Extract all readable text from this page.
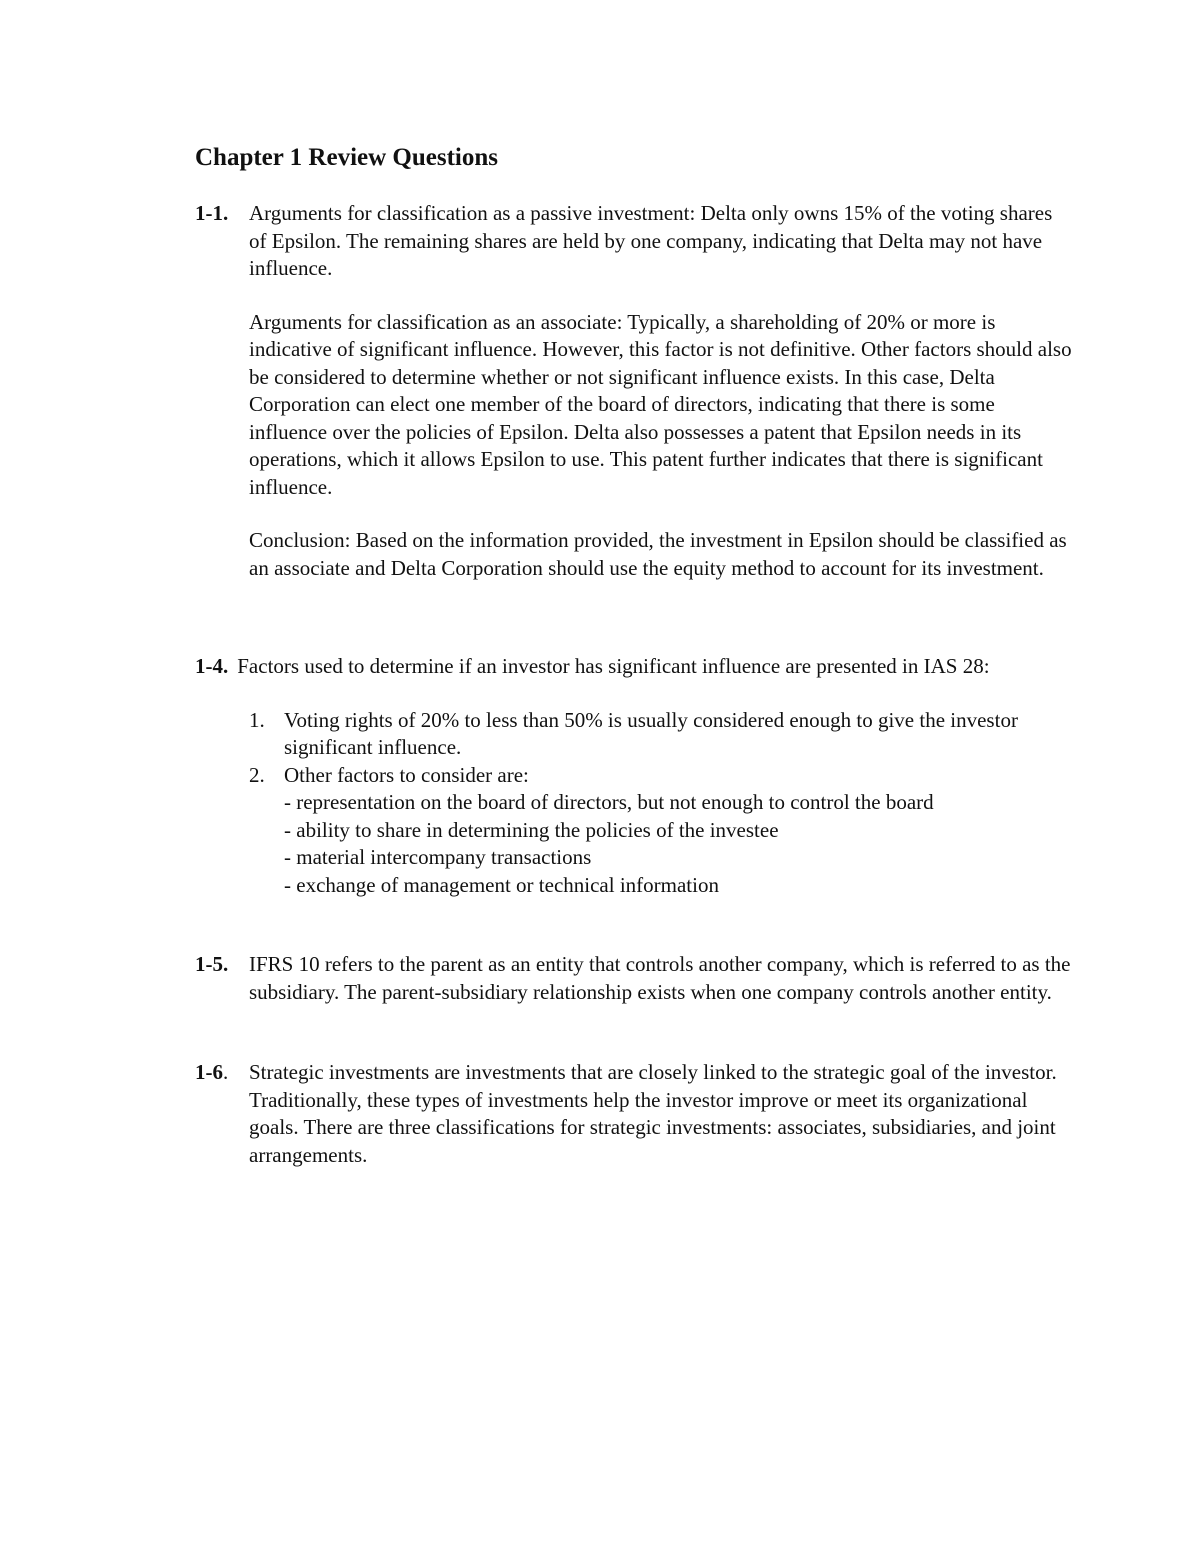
Chapter 1 Review Questions
1-1. Arguments for classification as a passive investment: Delta only owns 15% of the voting shares of Epsilon. The remaining shares are held by one company, indicating that Delta may not have influence.

Arguments for classification as an associate: Typically, a shareholding of 20% or more is indicative of significant influence. However, this factor is not definitive. Other factors should also be considered to determine whether or not significant influence exists. In this case, Delta Corporation can elect one member of the board of directors, indicating that there is some influence over the policies of Epsilon. Delta also possesses a patent that Epsilon needs in its operations, which it allows Epsilon to use. This patent further indicates that there is significant influence.

Conclusion: Based on the information provided, the investment in Epsilon should be classified as an associate and Delta Corporation should use the equity method to account for its investment.

1-4. Factors used to determine if an investor has significant influence are presented in IAS 28:

1. Voting rights of 20% to less than 50% is usually considered enough to give the investor significant influence.
2. Other factors to consider are:
- representation on the board of directors, but not enough to control the board
- ability to share in determining the policies of the investee
- material intercompany transactions
- exchange of management or technical information
1-5. IFRS 10 refers to the parent as an entity that controls another company, which is referred to as the subsidiary. The parent-subsidiary relationship exists when one company controls another entity.

1-6. Strategic investments are investments that are closely linked to the strategic goal of the investor. Traditionally, these types of investments help the investor improve or meet its organizational goals. There are three classifications for strategic investments: associates, subsidiaries, and joint arrangements.
